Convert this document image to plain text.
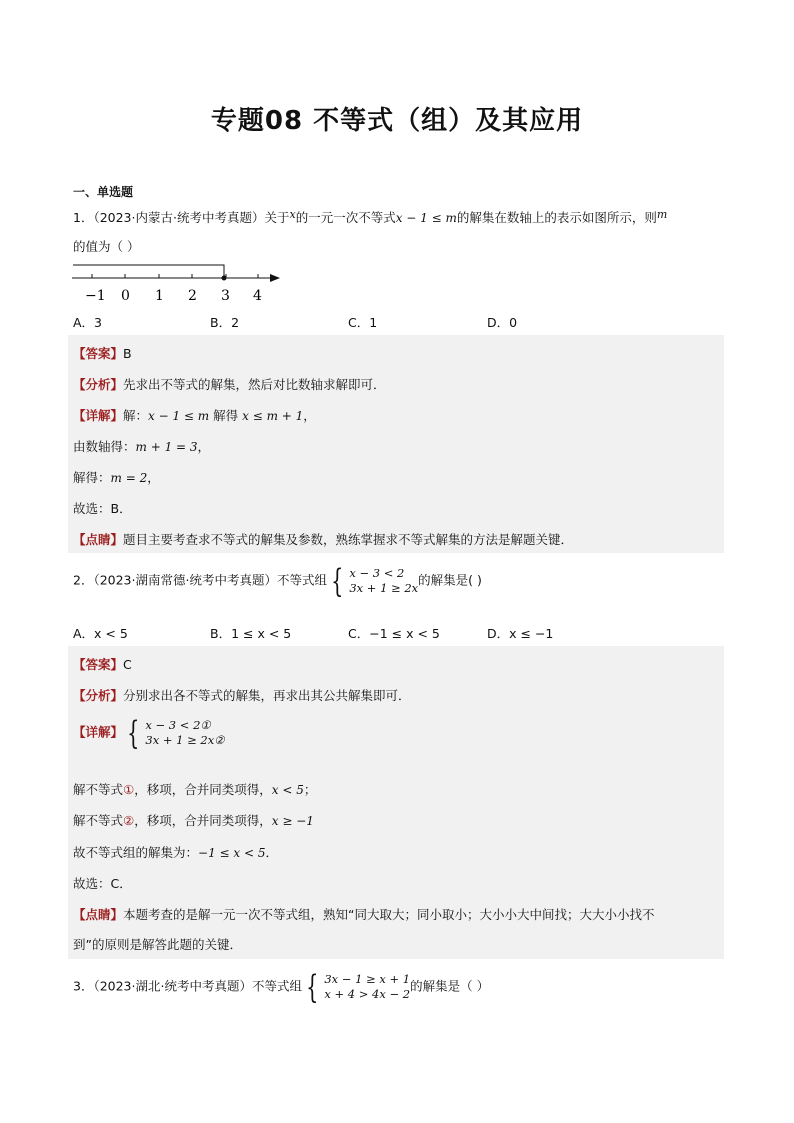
专题08 不等式（组）及其应用
一、单选题
1．（2023·内蒙古·统考中考真题）关于x的一元一次不等式x − 1 ≤ m的解集在数轴上的表示如图所示，则m
的值为（ ）
−1 0 1 2 3 4
A．3	B．2	C．1	D．0
【答案】B
【分析】先求出不等式的解集，然后对比数轴求解即可．
【详解】解：x − 1 ≤ m 解得 x ≤ m + 1，
由数轴得：m + 1 = 3，
解得：m = 2，
故选：B．
【点睛】题目主要考查求不等式的解集及参数，熟练掌握求不等式解集的方法是解题关键．
2．（2023·湖南常德·统考中考真题）不等式组 { x − 3 < 2
3x + 1 ≥ 2x
的解集是( )
A．x < 5	B．1 ≤ x < 5	C．−1 ≤ x < 5	D．x ≤ −1
【答案】C
【分析】分别求出各不等式的解集，再求出其公共解集即可．
【详解】 { x − 3 < 2①
3x + 1 ≥ 2x②
解不等式①，移项，合并同类项得，x < 5；
解不等式②，移项，合并同类项得，x ≥ −1
故不等式组的解集为：−1 ≤ x < 5．
故选：C．
【点睛】本题考查的是解一元一次不等式组，熟知“同大取大；同小取小；大小小大中间找；大大小小找不
到”的原则是解答此题的关键．
3．（2023·湖北·统考中考真题）不等式组 { 3x − 1 ≥ x + 1
x + 4 > 4x − 2
的解集是（ ）
